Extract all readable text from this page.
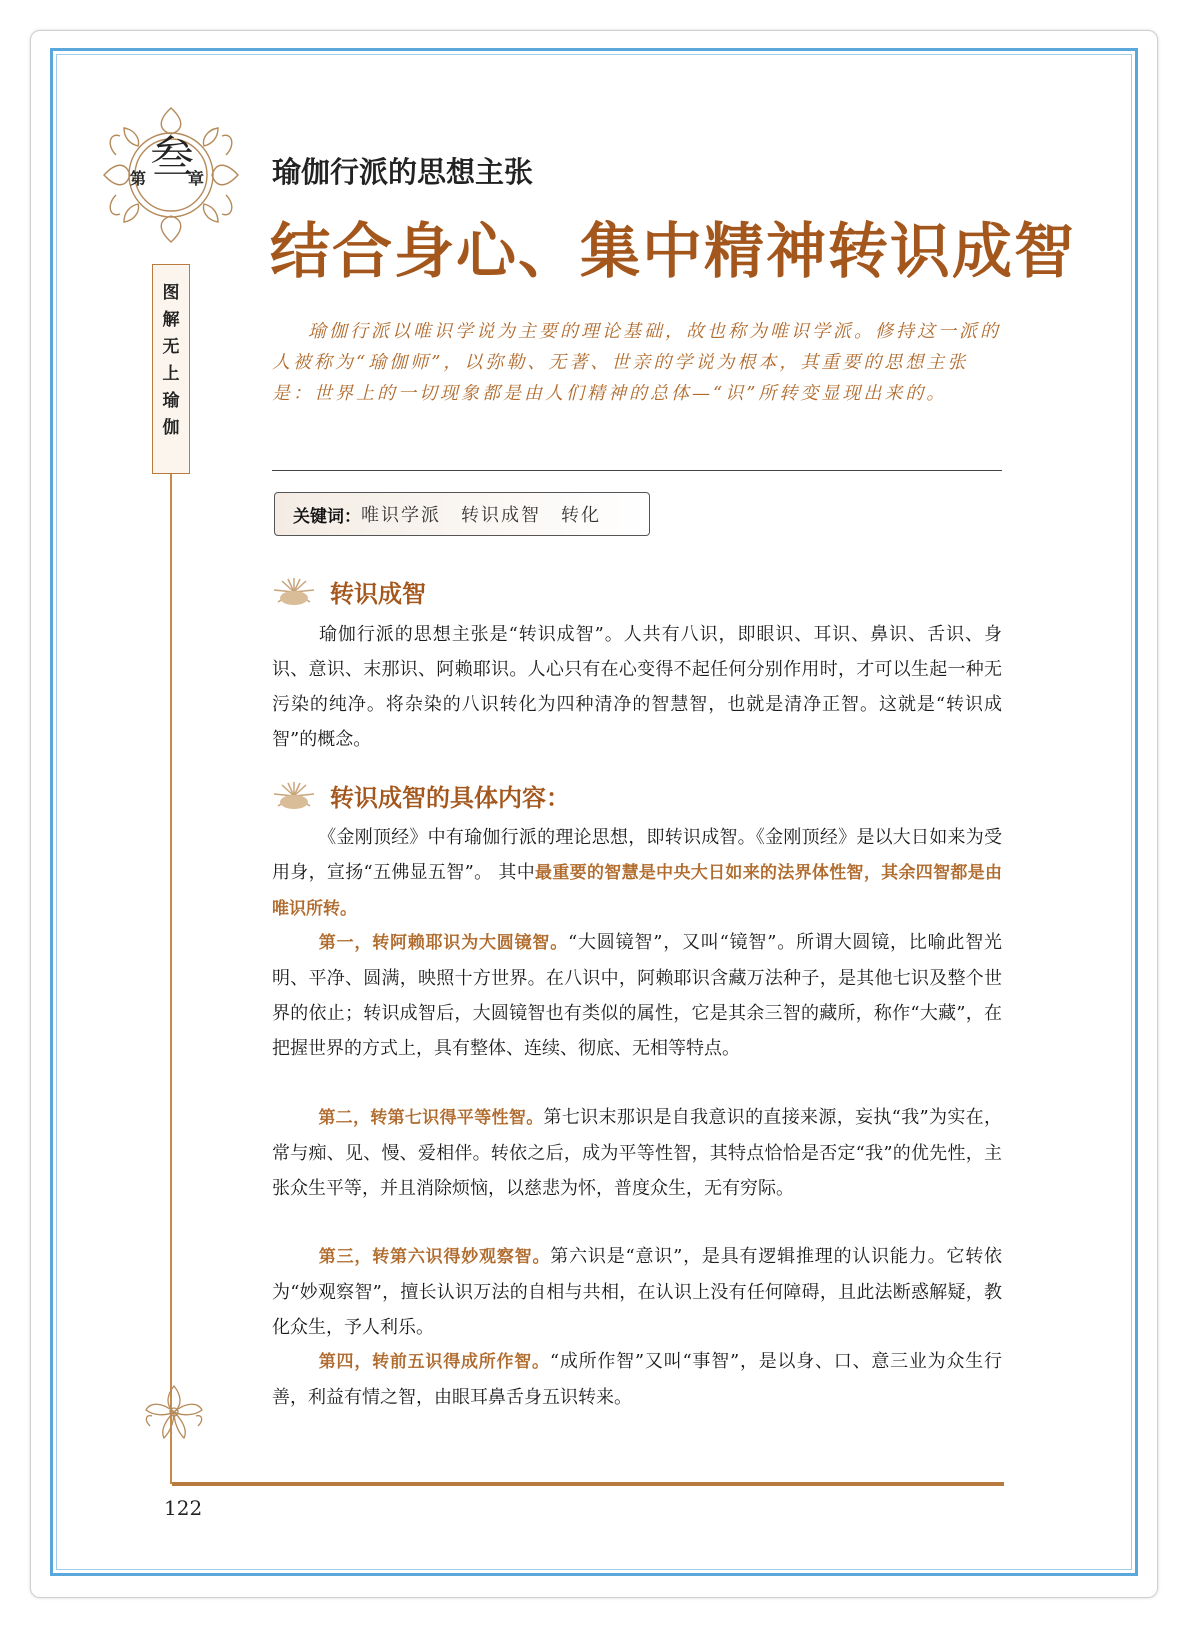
第 叁
章
图
解
无
上
瑜
伽
瑜伽行派的思想主张
结合身心、集中精神转识成智
瑜伽行派以唯识学说为主要的理论基础，故也称为唯识学派。修持这一派的人被称为“瑜伽师”，以弥勒、无著、世亲的学说为根本，其重要的思想主张是：世界上的一切现象都是由人们精神的总体—“识”所转变显现出来的。
关键词： 唯识学派 转识成智 转化
转识成智
瑜伽行派的思想主张是“转识成智”。人共有八识，即眼识、耳识、鼻识、舌识、身识、意识、末那识、阿赖耶识。人心只有在心变得不起任何分别作用时，才可以生起一种无污染的纯净。将杂染的八识转化为四种清净的智慧智，也就是清净正智。这就是“转识成智”的概念。
转识成智的具体内容：
《金刚顶经》中有瑜伽行派的理论思想，即转识成智。《金刚顶经》是以大日如来为受用身，宣扬“五佛显五智”。 其中最重要的智慧是中央大日如来的法界体性智，其余四智都是由唯识所转。
第一，转阿赖耶识为大圆镜智。“大圆镜智”，又叫“镜智”。所谓大圆镜，比喻此智光明、平净、圆满，映照十方世界。在八识中，阿赖耶识含藏万法种子，是其他七识及整个世界的依止；转识成智后，大圆镜智也有类似的属性，它是其余三智的藏所，称作“大藏”，在把握世界的方式上，具有整体、连续、彻底、无相等特点。
第二，转第七识得平等性智。第七识末那识是自我意识的直接来源，妄执“我”为实在，常与痴、见、慢、爱相伴。转依之后，成为平等性智，其特点恰恰是否定“我”的优先性，主张众生平等，并且消除烦恼，以慈悲为怀，普度众生，无有穷际。
第三，转第六识得妙观察智。第六识是“意识”，是具有逻辑推理的认识能力。它转依为“妙观察智”，擅长认识万法的自相与共相，在认识上没有任何障碍，且此法断惑解疑，教化众生，予人利乐。
第四，转前五识得成所作智。“成所作智”又叫“事智”，是以身、口、意三业为众生行善，利益有情之智，由眼耳鼻舌身五识转来。
122
